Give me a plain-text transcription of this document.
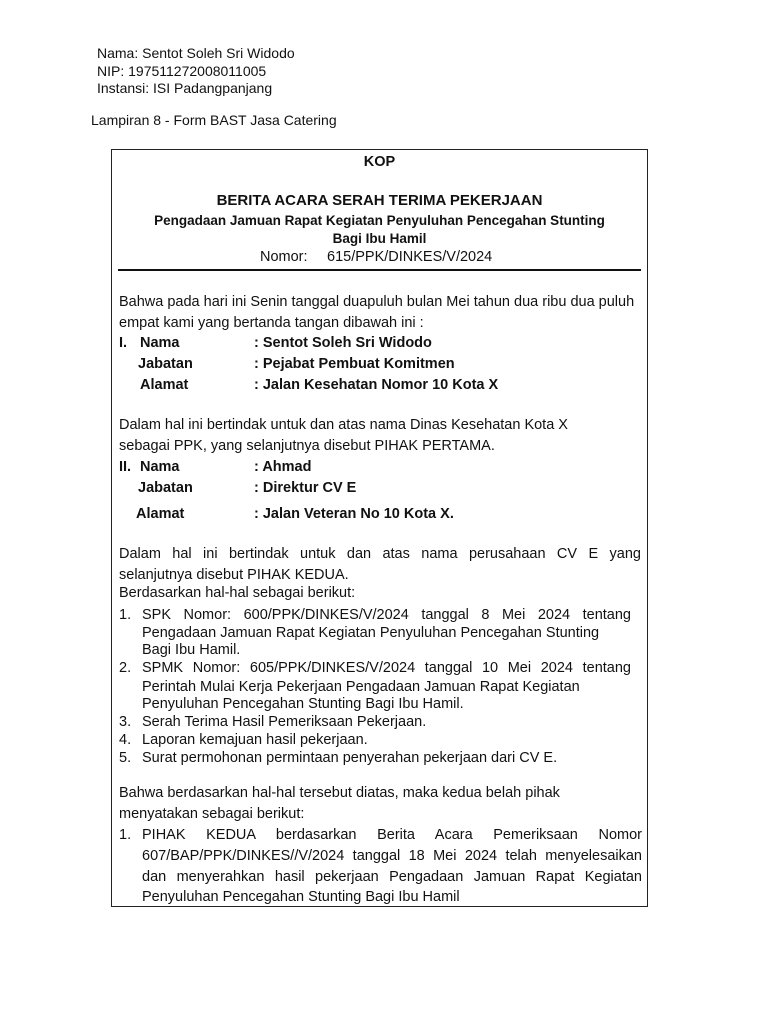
Nama: Sentot Soleh Sri Widodo
NIP: 197511272008011005
Instansi: ISI Padangpanjang
Lampiran 8 - Form BAST Jasa Catering
KOP
BERITA ACARA SERAH TERIMA PEKERJAAN
Pengadaan Jamuan Rapat Kegiatan Penyuluhan Pencegahan Stunting
Bagi Ibu Hamil
Nomor: 615/PPK/DINKES/V/2024
Bahwa pada hari ini Senin tanggal duapuluh bulan Mei tahun dua ribu dua puluh
empat kami yang bertanda tangan dibawah ini :
I. Nama	: Sentot Soleh Sri Widodo
Jabatan	: Pejabat Pembuat Komitmen
Alamat	: Jalan Kesehatan Nomor 10 Kota X
Dalam hal ini bertindak untuk dan atas nama Dinas Kesehatan Kota X
sebagai PPK, yang selanjutnya disebut PIHAK PERTAMA.
II. Nama	: Ahmad
Jabatan	: Direktur CV E
Alamat	: Jalan Veteran No 10 Kota X.
Dalam hal ini bertindak untuk dan atas nama perusahaan CV E yang
selanjutnya disebut PIHAK KEDUA.
Berdasarkan hal-hal sebagai berikut:
1. SPK Nomor: 600/PPK/DINKES/V/2024 tanggal 8 Mei 2024 tentang
Pengadaan Jamuan Rapat Kegiatan Penyuluhan Pencegahan Stunting
Bagi Ibu Hamil.
2. SPMK Nomor: 605/PPK/DINKES/V/2024 tanggal 10 Mei 2024 tentang
Perintah Mulai Kerja Pekerjaan Pengadaan Jamuan Rapat Kegiatan
Penyuluhan Pencegahan Stunting Bagi Ibu Hamil.
3. Serah Terima Hasil Pemeriksaan Pekerjaan.
4. Laporan kemajuan hasil pekerjaan.
5. Surat permohonan permintaan penyerahan pekerjaan dari CV E.
Bahwa berdasarkan hal-hal tersebut diatas, maka kedua belah pihak
menyatakan sebagai berikut:
1. PIHAK KEDUA berdasarkan Berita Acara Pemeriksaan Nomor
607/BAP/PPK/DINKES//V/2024 tanggal 18 Mei 2024 telah menyelesaikan
dan menyerahkan hasil pekerjaan Pengadaan Jamuan Rapat Kegiatan
Penyuluhan Pencegahan Stunting Bagi Ibu Hamil
